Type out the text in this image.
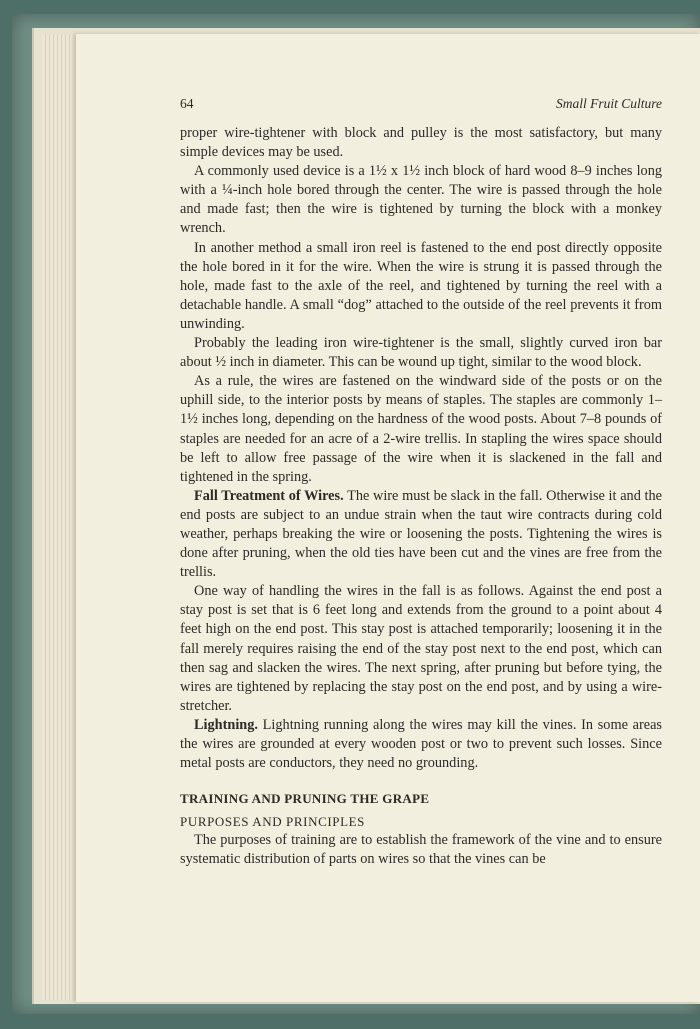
proper wire-tightener with block and pulley is the most satisfactory, but many simple devices may be used.

A commonly used device is a 1½ x 1½ inch block of hard wood 8–9 inches long with a ¼-inch hole bored through the center. The wire is passed through the hole and made fast; then the wire is tightened by turning the block with a monkey wrench.

In another method a small iron reel is fastened to the end post directly opposite the hole bored in it for the wire. When the wire is strung it is passed through the hole, made fast to the axle of the reel, and tightened by turning the reel with a detachable handle. A small “dog” attached to the outside of the reel prevents it from unwinding.

Probably the leading iron wire-tightener is the small, slightly curved iron bar about ½ inch in diameter. This can be wound up tight, similar to the wood block.

As a rule, the wires are fastened on the windward side of the posts or on the uphill side, to the interior posts by means of staples. The staples are commonly 1–1½ inches long, depending on the hardness of the wood posts. About 7–8 pounds of staples are needed for an acre of a 2-wire trellis. In stapling the wires space should be left to allow free passage of the wire when it is slackened in the fall and tightened in the spring.

Fall Treatment of Wires. The wire must be slack in the fall. Otherwise it and the end posts are subject to an undue strain when the taut wire contracts during cold weather, perhaps breaking the wire or loosening the posts. Tightening the wires is done after pruning, when the old ties have been cut and the vines are free from the trellis.

One way of handling the wires in the fall is as follows. Against the end post a stay post is set that is 6 feet long and extends from the ground to a point about 4 feet high on the end post. This stay post is attached temporarily; loosening it in the fall merely requires raising the end of the stay post next to the end post, which can then sag and slacken the wires. The next spring, after pruning but before tying, the wires are tightened by replacing the stay post on the end post, and by using a wire-stretcher.

Lightning. Lightning running along the wires may kill the vines. In some areas the wires are grounded at every wooden post or two to prevent such losses. Since metal posts are conductors, they need no grounding.

TRAINING AND PRUNING THE GRAPE
PURPOSES AND PRINCIPLES

The purposes of training are to establish the framework of the vine and to ensure systematic distribution of parts on wires so that the vines can be

64	Small Fruit Culture
